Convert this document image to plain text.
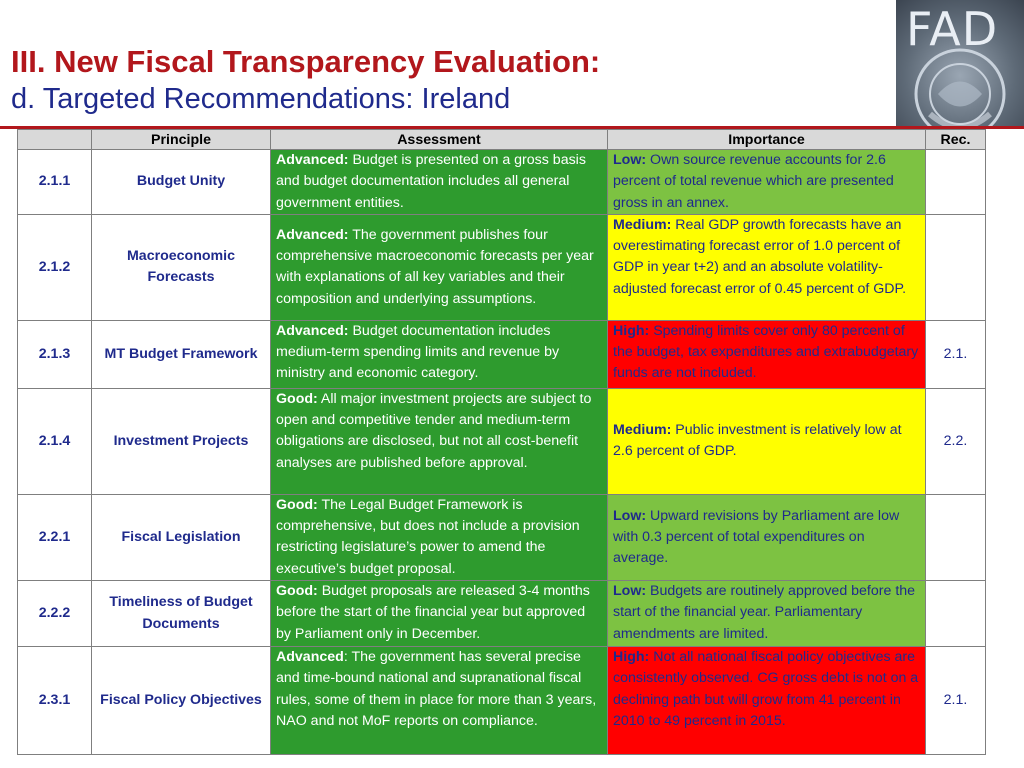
III. New Fiscal Transparency Evaluation:
d. Targeted Recommendations: Ireland
FAD
	Principle	Assessment	Importance	Rec.
2.1.1	Budget Unity	Advanced: Budget is presented on a gross basis and budget documentation includes all general government entities.	Low: Own source revenue accounts for 2.6 percent of total revenue which are presented gross in an annex.	
2.1.2	Macroeconomic Forecasts	Advanced: The government publishes four comprehensive macroeconomic forecasts per year with explanations of all key variables and their composition and underlying assumptions.	Medium: Real GDP growth forecasts have an overestimating forecast error of 1.0 percent of GDP in year t+2) and an absolute volatility-adjusted forecast error of 0.45 percent of GDP.	
2.1.3	MT Budget Framework	Advanced: Budget documentation includes medium-term spending limits and revenue by ministry and economic category.	High: Spending limits cover only 80 percent of the budget, tax expenditures and extrabudgetary funds are not included.	2.1.
2.1.4	Investment Projects	Good: All major investment projects are subject to open and competitive tender and medium-term obligations are disclosed, but not all cost-benefit analyses are published before approval.	Medium: Public investment is relatively low at 2.6 percent of GDP.	2.2.
2.2.1	Fiscal Legislation	Good: The Legal Budget Framework is comprehensive, but does not include a provision restricting legislature’s power to amend the executive’s budget proposal.	Low: Upward revisions by Parliament are low with 0.3 percent of total expenditures on average.	
2.2.2	Timeliness of Budget Documents	Good: Budget proposals are released 3-4 months before the start of the financial year but approved by Parliament only in December.	Low: Budgets are routinely approved before the start of the financial year. Parliamentary amendments are limited.	
2.3.1	Fiscal Policy Objectives	Advanced: The government has several precise and time-bound national and supranational fiscal rules, some of them in place for more than 3 years, NAO and not MoF reports on compliance.	High: Not all national fiscal policy objectives are consistently observed. CG gross debt is not on a declining path but will grow from 41 percent in 2010 to 49 percent in 2015.	2.1.
